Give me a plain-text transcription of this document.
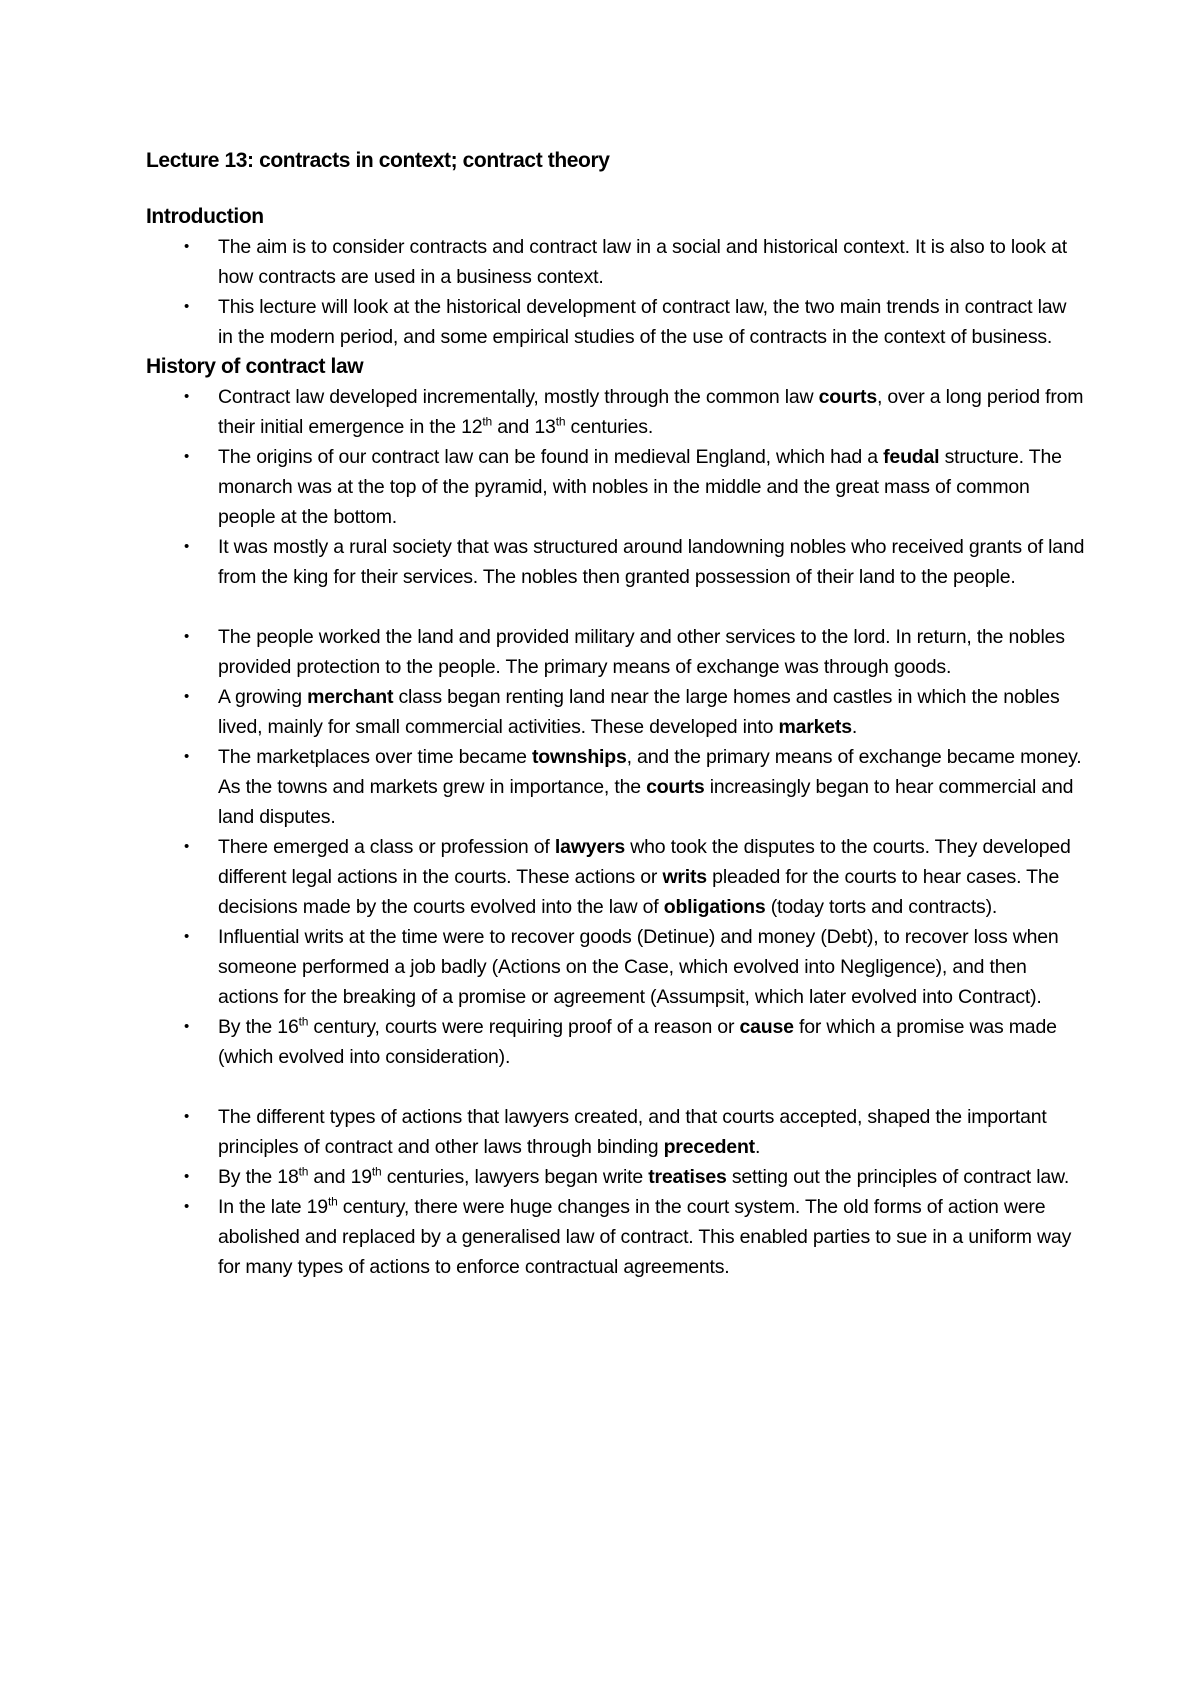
Lecture 13: contracts in context; contract theory
Introduction
• The aim is to consider contracts and contract law in a social and historical context. It is also to look at how contracts are used in a business context.
• This lecture will look at the historical development of contract law, the two main trends in contract law in the modern period, and some empirical studies of the use of contracts in the context of business.
History of contract law
• Contract law developed incrementally, mostly through the common law courts, over a long period from their initial emergence in the 12th and 13th centuries.
• The origins of our contract law can be found in medieval England, which had a feudal structure. The monarch was at the top of the pyramid, with nobles in the middle and the great mass of common people at the bottom.
• It was mostly a rural society that was structured around landowning nobles who received grants of land from the king for their services. The nobles then granted possession of their land to the people.
• The people worked the land and provided military and other services to the lord. In return, the nobles provided protection to the people. The primary means of exchange was through goods.
• A growing merchant class began renting land near the large homes and castles in which the nobles lived, mainly for small commercial activities. These developed into markets.
• The marketplaces over time became townships, and the primary means of exchange became money. As the towns and markets grew in importance, the courts increasingly began to hear commercial and land disputes.
• There emerged a class or profession of lawyers who took the disputes to the courts. They developed different legal actions in the courts. These actions or writs pleaded for the courts to hear cases. The decisions made by the courts evolved into the law of obligations (today torts and contracts).
• Influential writs at the time were to recover goods (Detinue) and money (Debt), to recover loss when someone performed a job badly (Actions on the Case, which evolved into Negligence), and then actions for the breaking of a promise or agreement (Assumpsit, which later evolved into Contract).
• By the 16th century, courts were requiring proof of a reason or cause for which a promise was made (which evolved into consideration).
• The different types of actions that lawyers created, and that courts accepted, shaped the important principles of contract and other laws through binding precedent.
• By the 18th and 19th centuries, lawyers began write treatises setting out the principles of contract law.
• In the late 19th century, there were huge changes in the court system. The old forms of action were abolished and replaced by a generalised law of contract. This enabled parties to sue in a uniform way for many types of actions to enforce contractual agreements.
